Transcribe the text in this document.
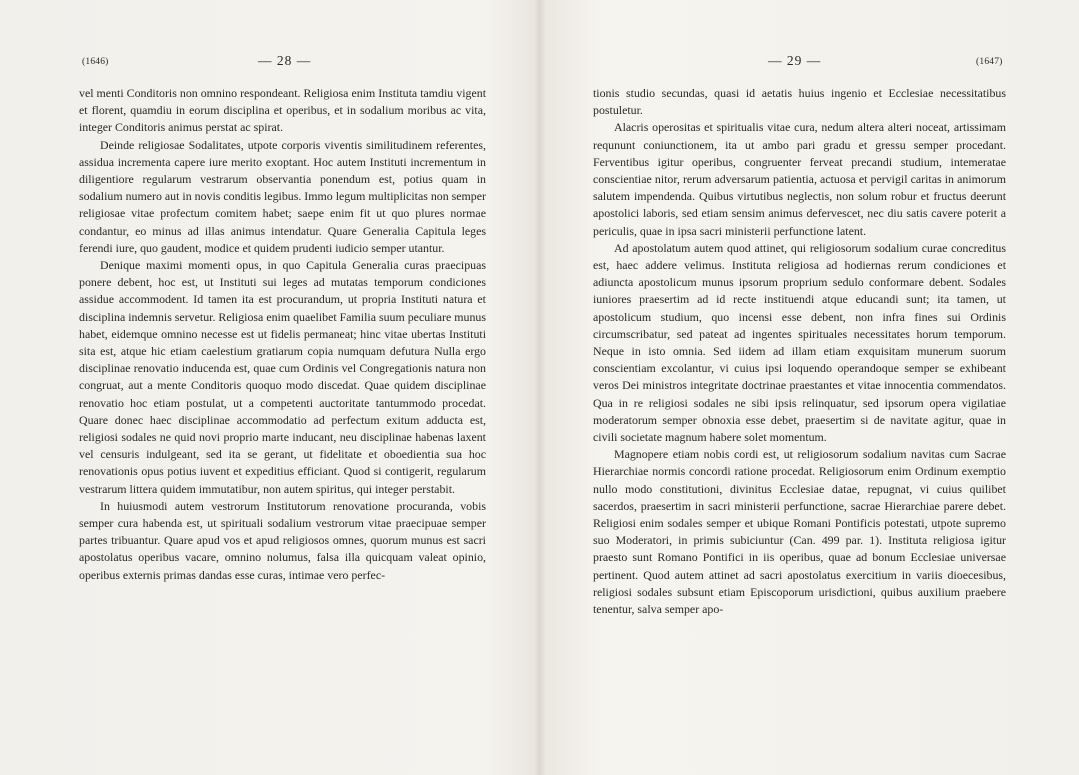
(1646)	— 28 —

vel menti Conditoris non omnino respondeant. Religiosa enim Instituta tamdiu vigent et florent, quamdiu in eorum disciplina et operibus, et in sodalium moribus ac vita, integer Conditoris animus perstat ac spirat.

Deinde religiosae Sodalitates, utpote corporis viventis similitudinem referentes, assidua incrementa capere iure merito exoptant. Hoc autem Instituti incrementum in diligentiore regularum vestrarum observantia ponendum est, potius quam in sodalium numero aut in novis conditis legibus. Immo legum multiplicitas non semper religiosae vitae profectum comitem habet; saepe enim fit ut quo plures normae condantur, eo minus ad illas animus intendatur. Quare Generalia Capitula leges ferendi iure, quo gaudent, modice et quidem prudenti iudicio semper utantur.

Denique maximi momenti opus, in quo Capitula Generalia curas praecipuas ponere debent, hoc est, ut Instituti sui leges ad mutatas temporum condiciones assidue accommodent. Id tamen ita est procurandum, ut propria Instituti natura et disciplina indemnis servetur. Religiosa enim quaelibet Familia suum peculiare munus habet, eidemque omnino necesse est ut fidelis permaneat; hinc vitae ubertas Instituti sita est, atque hic etiam caelestium gratiarum copia numquam defutura Nulla ergo disciplinae renovatio inducenda est, quae cum Ordinis vel Congregationis natura non congruat, aut a mente Conditoris quoquo modo discedat. Quae quidem disciplinae renovatio hoc etiam postulat, ut a competenti auctoritate tantummodo procedat. Quare donec haec disciplinae accommodatio ad perfectum exitum adducta est, religiosi sodales ne quid novi proprio marte inducant, neu disciplinae habenas laxent vel censuris indulgeant, sed ita se gerant, ut fidelitate et oboedientia sua hoc renovationis opus potius iuvent et expeditius efficiant. Quod si contigerit, regularum vestrarum littera quidem immutatibur, non autem spiritus, qui integer perstabit.

In huiusmodi autem vestrorum Institutorum renovatione procuranda, vobis semper cura habenda est, ut spirituali sodalium vestrorum vitae praecipuae semper partes tribuantur. Quare apud vos et apud religiosos omnes, quorum munus est sacri apostolatus operibus vacare, omnino nolumus, falsa illa quicquam valeat opinio, operibus externis primas dandas esse curas, intimae vero perfec-

— 29 —	(1647)

tionis studio secundas, quasi id aetatis huius ingenio et Ecclesiae necessitatibus postuletur.

Alacris operositas et spiritualis vitae cura, nedum altera alteri noceat, artissimam reqununt coniunctionem, ita ut ambo pari gradu et gressu semper procedant. Ferventibus igitur operibus, congruenter ferveat precandi studium, intemeratae conscientiae nitor, rerum adversarum patientia, actuosa et pervigil caritas in animorum salutem impendenda. Quibus virtutibus neglectis, non solum robur et fructus deerunt apostolici laboris, sed etiam sensim animus defervescet, nec diu satis cavere poterit a periculis, quae in ipsa sacri ministerii perfunctione latent.

Ad apostolatum autem quod attinet, qui religiosorum sodalium curae concreditus est, haec addere velimus. Instituta religiosa ad hodiernas rerum condiciones et adiuncta apostolicum munus ipsorum proprium sedulo conformare debent. Sodales iuniores praesertim ad id recte instituendi atque educandi sunt; ita tamen, ut apostolicum studium, quo incensi esse debent, non infra fines sui Ordinis circumscribatur, sed pateat ad ingentes spirituales necessitates horum temporum. Neque in isto omnia. Sed iidem ad illam etiam exquisitam munerum suorum conscientiam excolantur, vi cuius ipsi loquendo operandoque semper se exhibeant veros Dei ministros integritate doctrinae praestantes et vitae innocentia commendatos. Qua in re religiosi sodales ne sibi ipsis relinquatur, sed ipsorum opera vigilatiae moderatorum semper obnoxia esse debet, praesertim si de navitate agitur, quae in civili societate magnum habere solet momentum.

Magnopere etiam nobis cordi est, ut religiosorum sodalium navitas cum Sacrae Hierarchiae normis concordi ratione procedat. Religiosorum enim Ordinum exemptio nullo modo constitutioni, divinitus Ecclesiae datae, repugnat, vi cuius quilibet sacerdos, praesertim in sacri ministerii perfunctione, sacrae Hierarchiae parere debet. Religiosi enim sodales semper et ubique Romani Pontificis potestati, utpote supremo suo Moderatori, in primis subiciuntur (Can. 499 par. 1). Instituta religiosa igitur praesto sunt Romano Pontifici in iis operibus, quae ad bonum Ecclesiae universae pertinent. Quod autem attinet ad sacri apostolatus exercitium in variis dioecesibus, religiosi sodales subsunt etiam Episcoporum urisdictioni, quibus auxilium praebere tenentur, salva semper apo-
